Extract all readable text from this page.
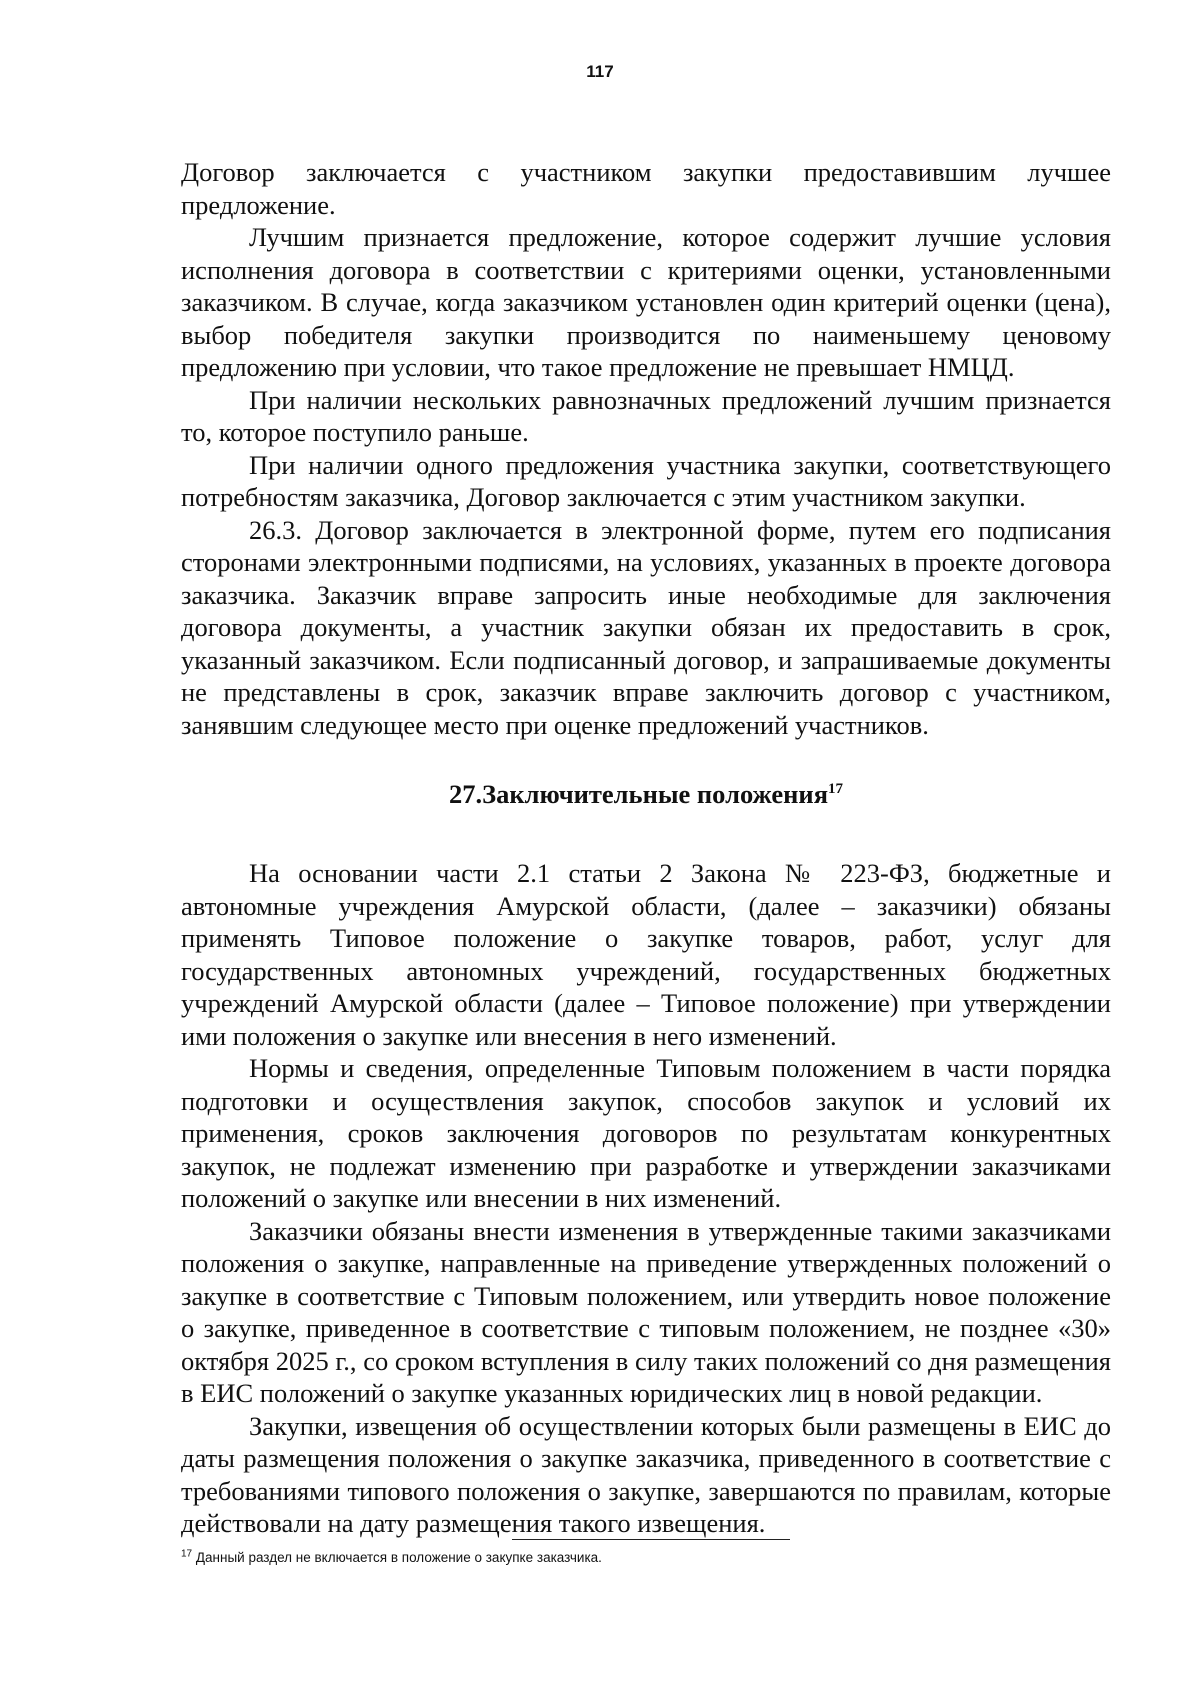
117

Договор заключается с участником закупки предоставившим лучшее предложение.

Лучшим признается предложение, которое содержит лучшие условия исполнения договора в соответствии с критериями оценки, установленными заказчиком. В случае, когда заказчиком установлен один критерий оценки (цена), выбор победителя закупки производится по наименьшему ценовому предложению при условии, что такое предложение не превышает НМЦД.

При наличии нескольких равнозначных предложений лучшим признается то, которое поступило раньше.

При наличии одного предложения участника закупки, соответствующего потребностям заказчика, Договор заключается с этим участником закупки.

26.3. Договор заключается в электронной форме, путем его подписания сторонами электронными подписями, на условиях, указанных в проекте договора заказчика. Заказчик вправе запросить иные необходимые для заключения договора документы, а участник закупки обязан их предоставить в срок, указанный заказчиком. Если подписанный договор, и запрашиваемые документы не представлены в срок, заказчик вправе заключить договор с участником, занявшим следующее место при оценке предложений участников.

27.Заключительные положения$^{17}$

На основании части 2.1 статьи 2 Закона № 223-ФЗ, бюджетные и автономные учреждения Амурской области, (далее – заказчики) обязаны применять Типовое положение о закупке товаров, работ, услуг для государственных автономных учреждений, государственных бюджетных учреждений Амурской области (далее – Типовое положение) при утверждении ими положения о закупке или внесения в него изменений.

Нормы и сведения, определенные Типовым положением в части порядка подготовки и осуществления закупок, способов закупок и условий их применения, сроков заключения договоров по результатам конкурентных закупок, не подлежат изменению при разработке и утверждении заказчиками положений о закупке или внесении в них изменений.

Заказчики обязаны внести изменения в утвержденные такими заказчиками положения о закупке, направленные на приведение утвержденных положений о закупке в соответствие с Типовым положением, или утвердить новое положение о закупке, приведенное в соответствие с типовым положением, не позднее «30» октября 2025 г., со сроком вступления в силу таких положений со дня размещения в ЕИС положений о закупке указанных юридических лиц в новой редакции.

Закупки, извещения об осуществлении которых были размещены в ЕИС до даты размещения положения о закупке заказчика, приведенного в соответствие с требованиями типового положения о закупке, завершаются по правилам, которые действовали на дату размещения такого извещения.

$^{17}$ Данный раздел не включается в положение о закупке заказчика.
